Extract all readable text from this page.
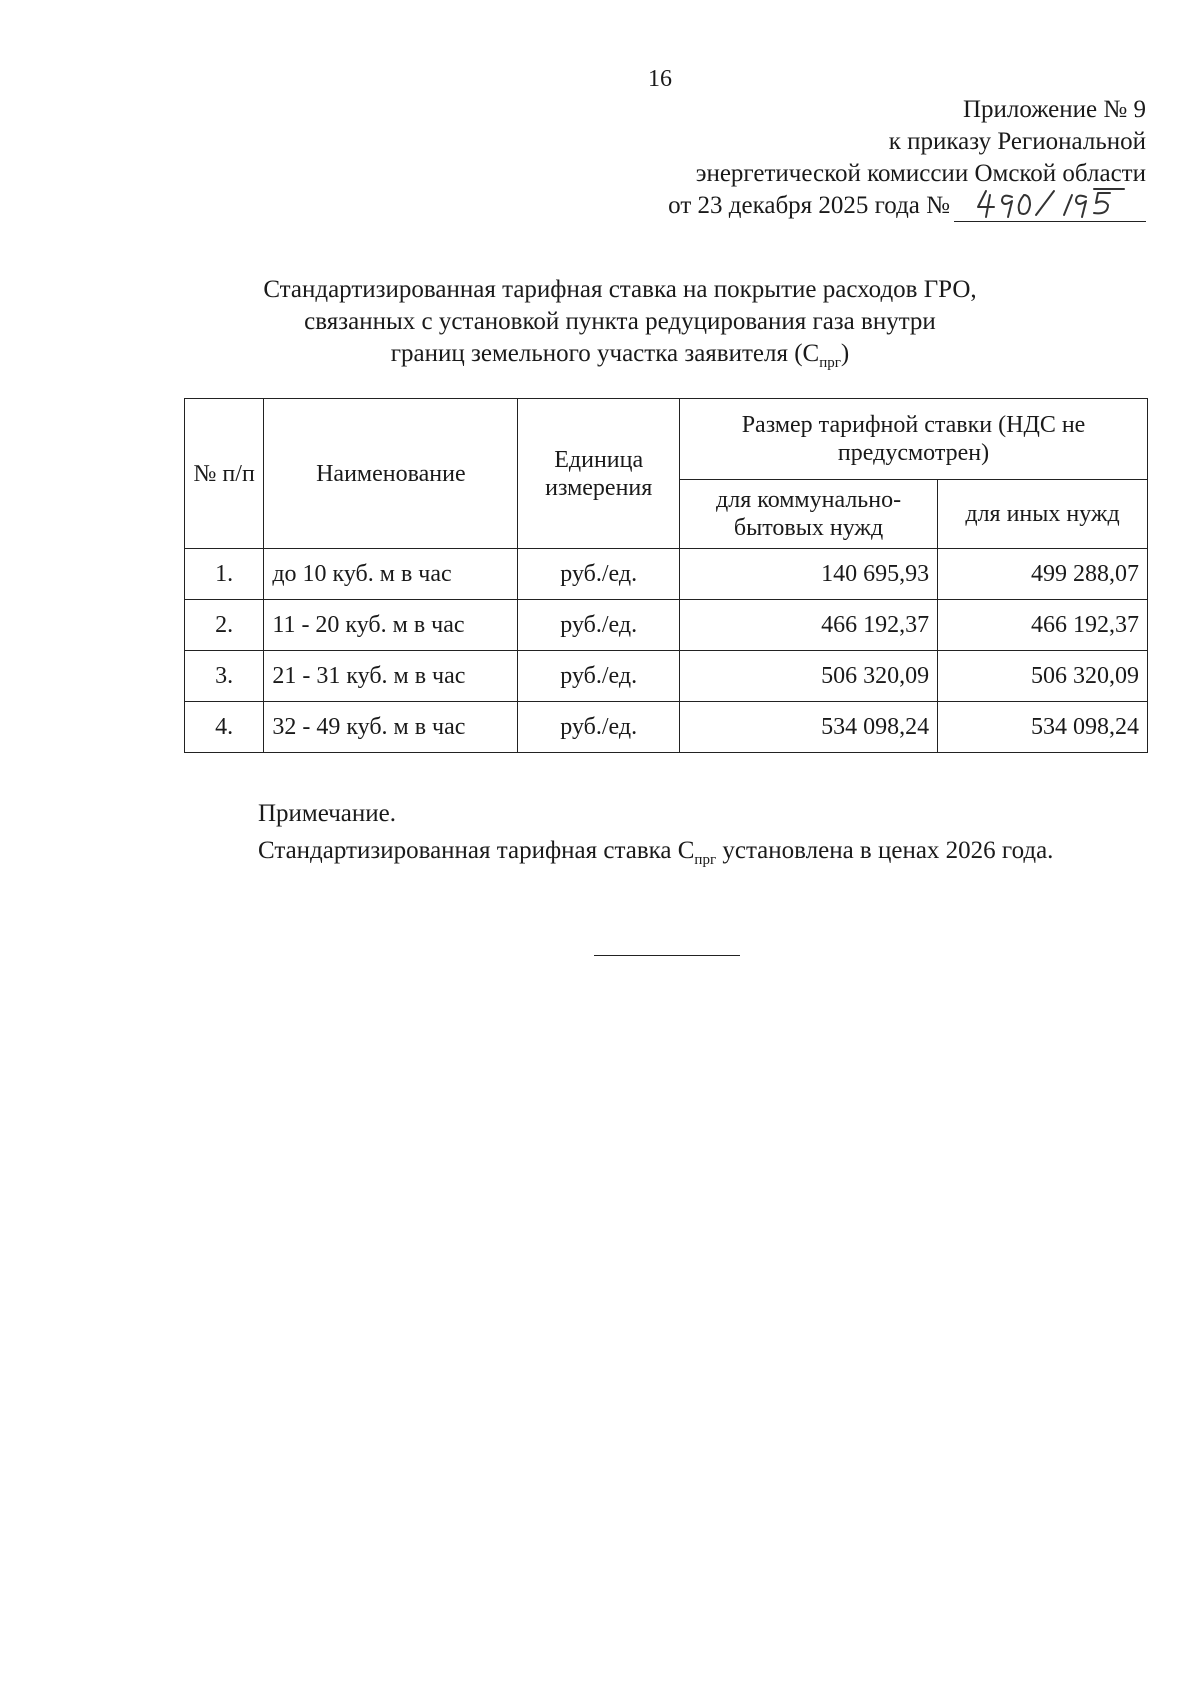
16
Приложение № 9
к приказу Региональной
энергетической комиссии Омской области
от 23 декабря 2025 года №
Стандартизированная тарифная ставка на покрытие расходов ГРО,
связанных с установкой пункта редуцирования газа внутри
границ земельного участка заявителя $(С_{прг})$
№ п/п	Наименование	Единица измерения	Размер тарифной ставки (НДС не предусмотрен)	
			для коммунально-бытовых нужд	для иных нужд
1.	до 10 куб. м в час	руб./ед.	140 695,93	499 288,07
2.	11 - 20 куб. м в час	руб./ед.	466 192,37	466 192,37
3.	21 - 31 куб. м в час	руб./ед.	506 320,09	506 320,09
4.	32 - 49 куб. м в час	руб./ед.	534 098,24	534 098,24
Примечание.
Стандартизированная тарифная ставка $С_{прг}$ установлена в ценах 2026 года.
